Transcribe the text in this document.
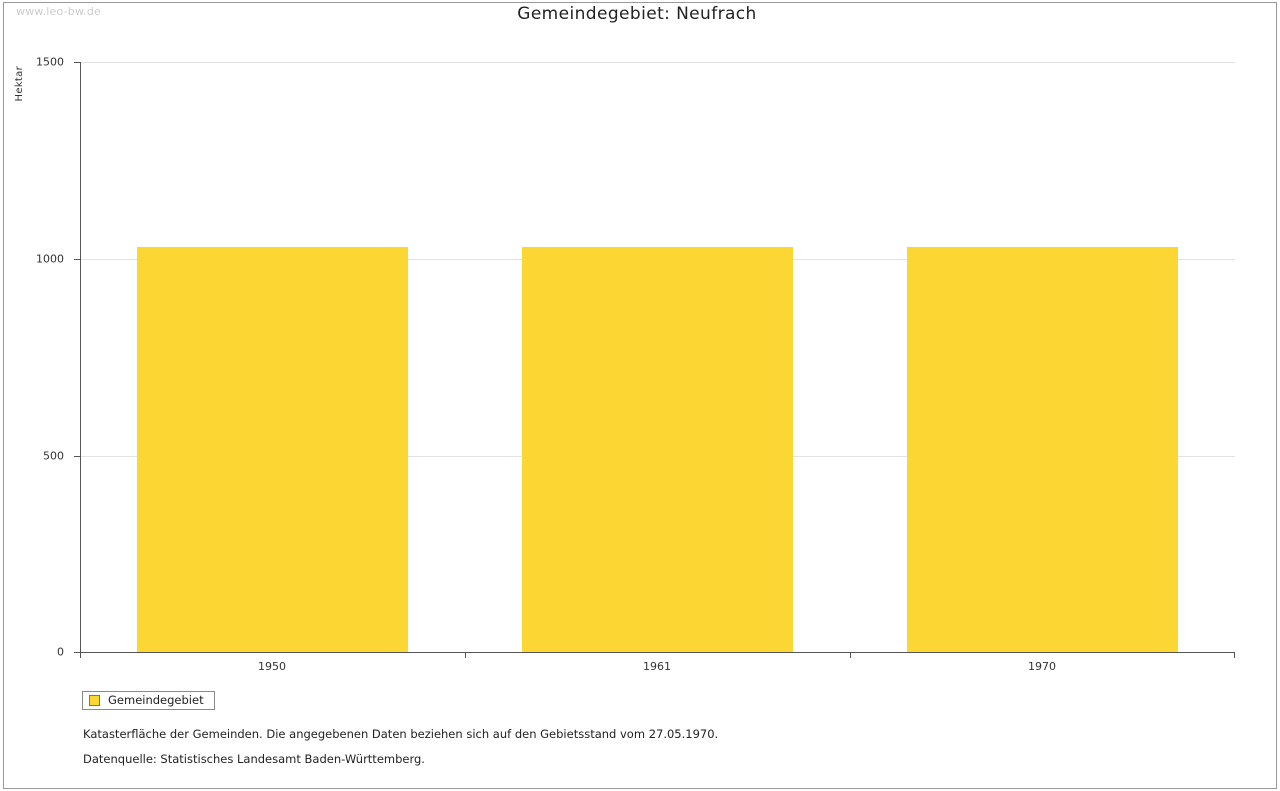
www.leo-bw.de	Gemeindegebiet: Neufrach
Hektar
1500
1000
500
0
1950	1961	1970
Gemeindegebiet
Katasterfläche der Gemeinden. Die angegebenen Daten beziehen sich auf den Gebietsstand vom 27.05.1970.
Datenquelle: Statistisches Landesamt Baden-Württemberg.
